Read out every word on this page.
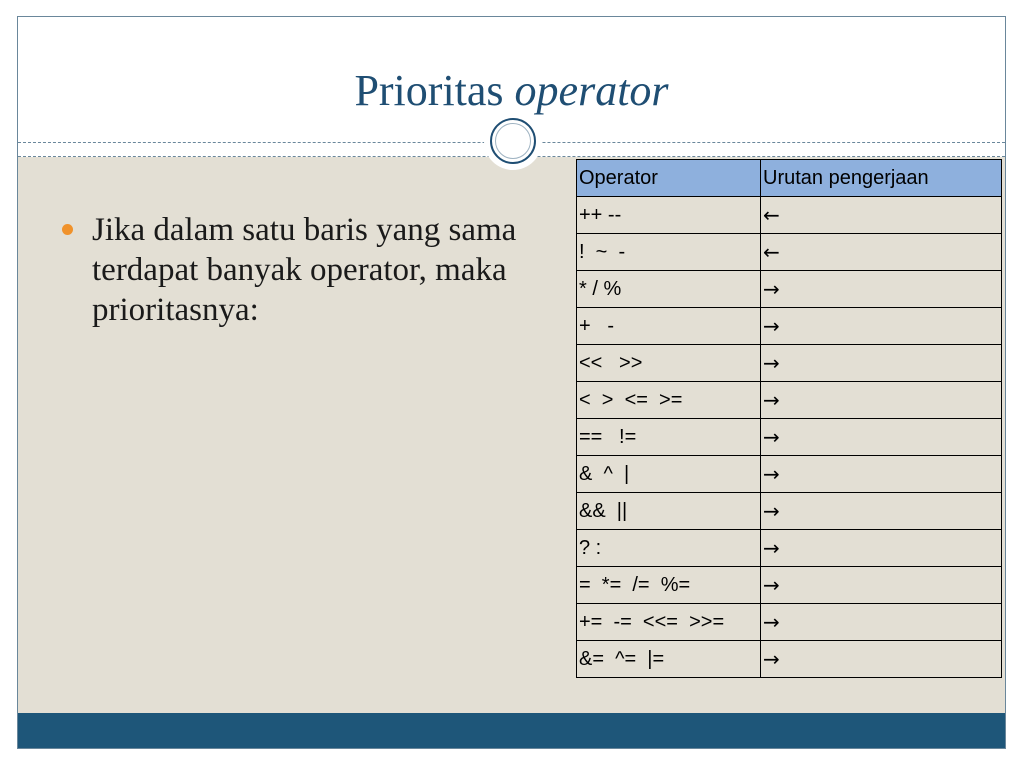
Prioritas operator
Jika dalam satu baris yang sama terdapat banyak operator, maka prioritasnya:
Operator	Urutan pengerjaan
++ --	←
!  ~  -	←
* / %	→
+   -	→
<<   >>	→
<  >  <=  >=	→
==   !=	→
&  ^  |	→
&&  ||	→
? :	→
=  *=  /=  %=	→
+=  -=  <<=  >>=	→
&=  ^=  |=	→
